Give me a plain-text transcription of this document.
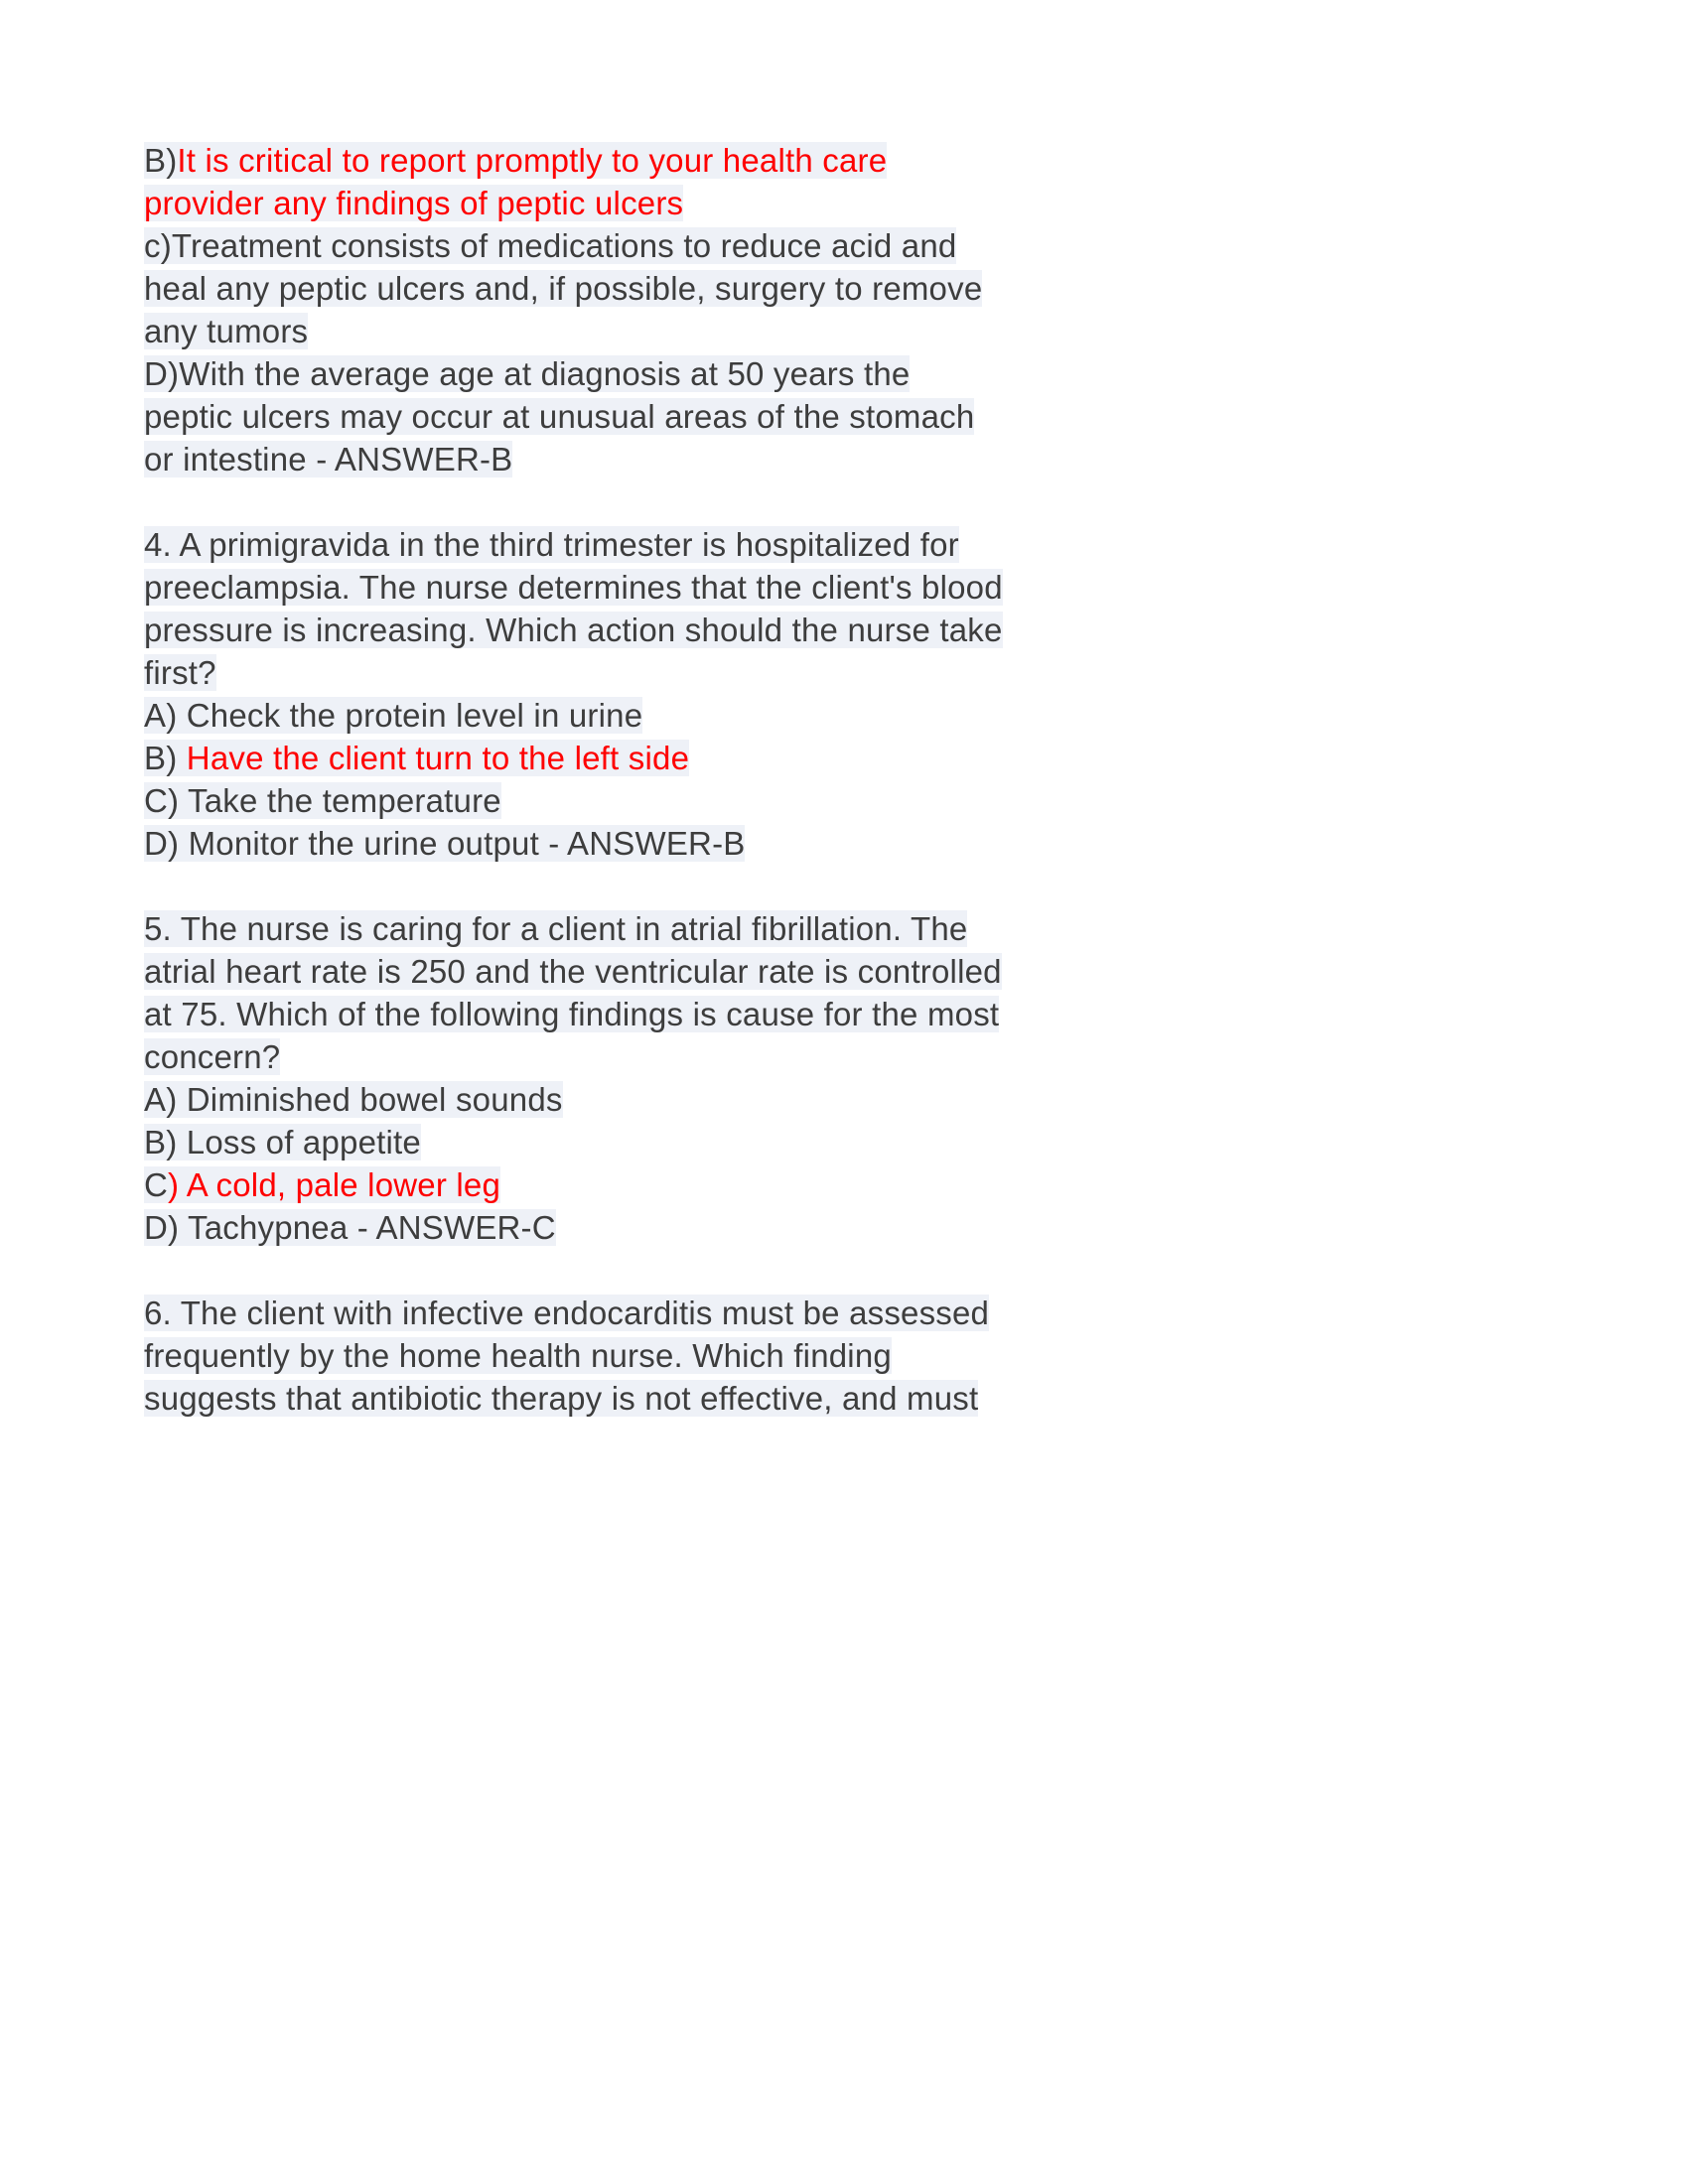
B)It is critical to report promptly to your health care
provider any findings of peptic ulcers
c)Treatment consists of medications to reduce acid and
heal any peptic ulcers and, if possible, surgery to remove
any tumors
D)With the average age at diagnosis at 50 years the
peptic ulcers may occur at unusual areas of the stomach
or intestine - ANSWER-B
4. A primigravida in the third trimester is hospitalized for
preeclampsia. The nurse determines that the client's blood
pressure is increasing. Which action should the nurse take
first?
A) Check the protein level in urine
B) Have the client turn to the left side
C) Take the temperature
D) Monitor the urine output - ANSWER-B
5. The nurse is caring for a client in atrial fibrillation. The
atrial heart rate is 250 and the ventricular rate is controlled
at 75. Which of the following findings is cause for the most
concern?
A) Diminished bowel sounds
B) Loss of appetite
C) A cold, pale lower leg
D) Tachypnea - ANSWER-C
6. The client with infective endocarditis must be assessed
frequently by the home health nurse. Which finding
suggests that antibiotic therapy is not effective, and must
